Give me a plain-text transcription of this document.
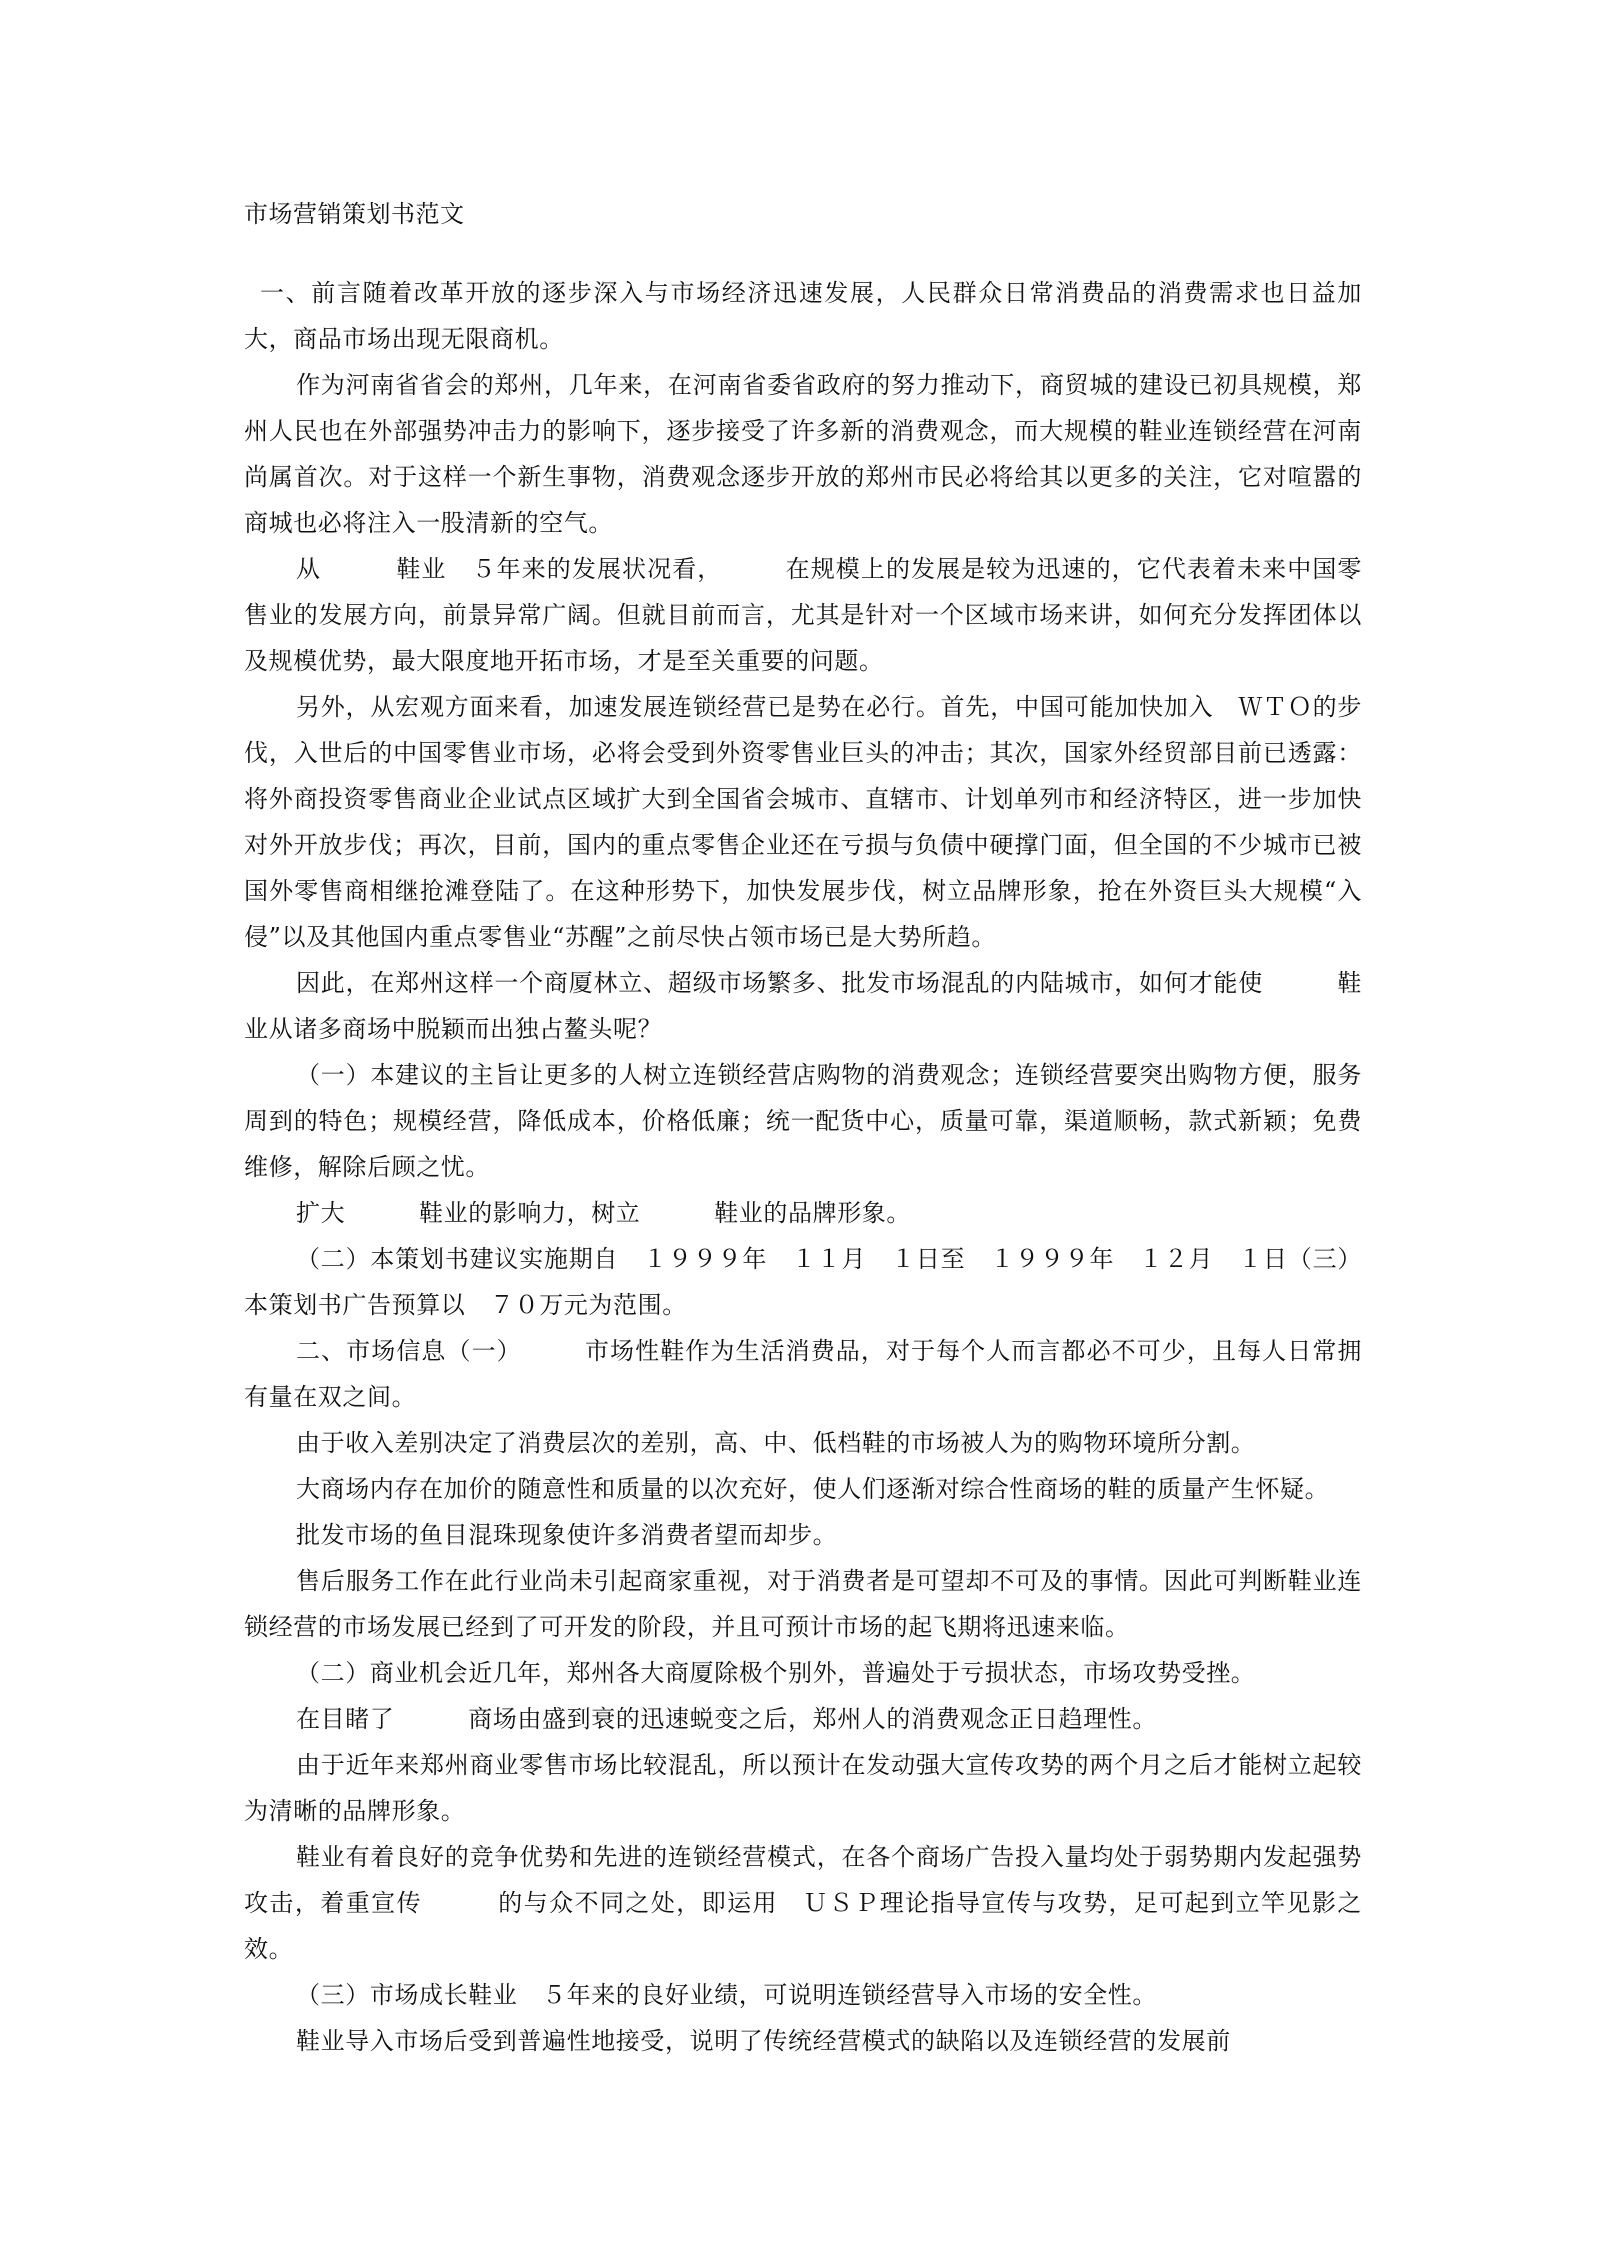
市场营销策划书范文

一、前言随着改革开放的逐步深入与市场经济迅速发展，人民群众日常消费品的消费需求也日益加大，商品市场出现无限商机。

作为河南省省会的郑州，几年来，在河南省委省政府的努力推动下，商贸城的建设已初具规模，郑州人民也在外部强势冲击力的影响下，逐步接受了许多新的消费观念，而大规模的鞋业连锁经营在河南尚属首次。对于这样一个新生事物，消费观念逐步开放的郑州市民必将给其以更多的关注，它对喧嚣的商城也必将注入一股清新的空气。

从　　　鞋业　５年来的发展状况看，　　　在规模上的发展是较为迅速的，它代表着未来中国零售业的发展方向，前景异常广阔。但就目前而言，尤其是针对一个区域市场来讲，如何充分发挥团体以及规模优势，最大限度地开拓市场，才是至关重要的问题。

另外，从宏观方面来看，加速发展连锁经营已是势在必行。首先，中国可能加快加入　ＷＴＯ的步伐，入世后的中国零售业市场，必将会受到外资零售业巨头的冲击；其次，国家外经贸部目前已透露：将外商投资零售商业企业试点区域扩大到全国省会城市、直辖市、计划单列市和经济特区，进一步加快对外开放步伐；再次，目前，国内的重点零售企业还在亏损与负债中硬撑门面，但全国的不少城市已被国外零售商相继抢滩登陆了。在这种形势下，加快发展步伐，树立品牌形象，抢在外资巨头大规模“入侵”以及其他国内重点零售业“苏醒”之前尽快占领市场已是大势所趋。

因此，在郑州这样一个商厦林立、超级市场繁多、批发市场混乱的内陆城市，如何才能使　　　鞋业从诸多商场中脱颖而出独占鳌头呢？

（一）本建议的主旨让更多的人树立连锁经营店购物的消费观念；连锁经营要突出购物方便，服务周到的特色；规模经营，降低成本，价格低廉；统一配货中心，质量可靠，渠道顺畅，款式新颖；免费维修，解除后顾之忧。

扩大　　　鞋业的影响力，树立　　　鞋业的品牌形象。

（二）本策划书建议实施期自　１９９９年　１１月　１日至　１９９９年　１２月　１日（三）本策划书广告预算以　７０万元为范围。

二、市场信息（一）　　　市场性鞋作为生活消费品，对于每个人而言都必不可少，且每人日常拥有量在双之间。

由于收入差别决定了消费层次的差别，高、中、低档鞋的市场被人为的购物环境所分割。

大商场内存在加价的随意性和质量的以次充好，使人们逐渐对综合性商场的鞋的质量产生怀疑。

批发市场的鱼目混珠现象使许多消费者望而却步。

售后服务工作在此行业尚未引起商家重视，对于消费者是可望却不可及的事情。因此可判断鞋业连锁经营的市场发展已经到了可开发的阶段，并且可预计市场的起飞期将迅速来临。

（二）商业机会近几年，郑州各大商厦除极个别外，普遍处于亏损状态，市场攻势受挫。

在目睹了　　　商场由盛到衰的迅速蜕变之后，郑州人的消费观念正日趋理性。

由于近年来郑州商业零售市场比较混乱，所以预计在发动强大宣传攻势的两个月之后才能树立起较为清晰的品牌形象。

鞋业有着良好的竞争优势和先进的连锁经营模式，在各个商场广告投入量均处于弱势期内发起强势攻击，着重宣传　　　的与众不同之处，即运用　ＵＳＰ理论指导宣传与攻势，足可起到立竿见影之效。

（三）市场成长鞋业　５年来的良好业绩，可说明连锁经营导入市场的安全性。

鞋业导入市场后受到普遍性地接受，说明了传统经营模式的缺陷以及连锁经营的发展前
